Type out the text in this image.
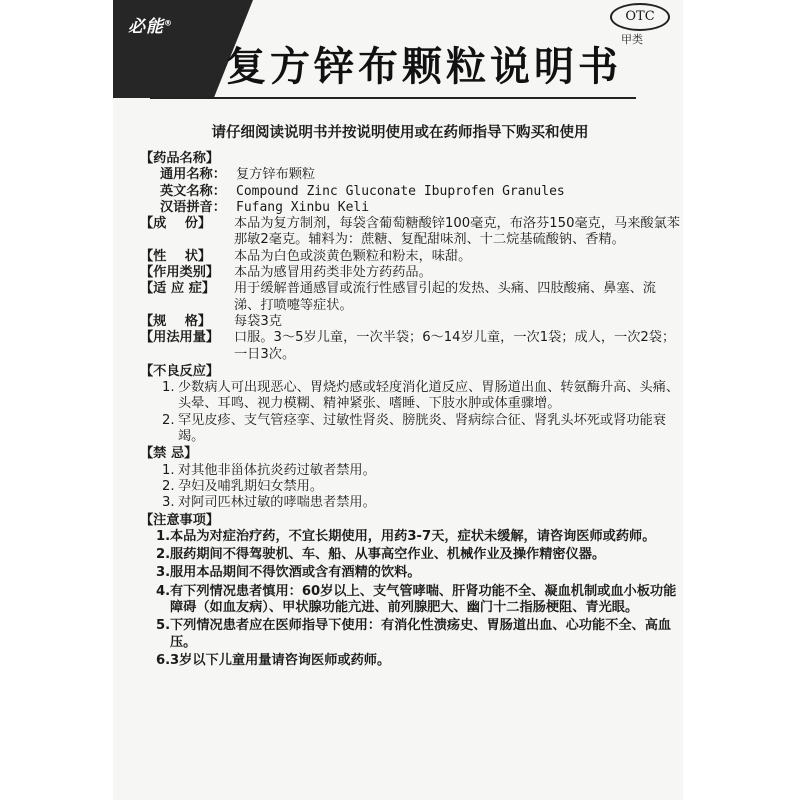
必能®
复方锌布颗粒说明书
OTC
甲类
请仔细阅读说明书并按说明使用或在药师指导下购买和使用
【药品名称】
通用名称： 复方锌布颗粒
英文名称： Compound Zinc Gluconate Ibuprofen Granules
汉语拼音： Fufang Xinbu Keli
【成    份】	本品为复方制剂，每袋含葡萄糖酸锌100毫克，布洛芬150毫克，马来酸氯苯那敏2毫克。辅料为：蔗糖、复配甜味剂、十二烷基硫酸钠、香精。
【性    状】	本品为白色或淡黄色颗粒和粉末，味甜。
【作用类别】	本品为感冒用药类非处方药药品。
【适 应 症】	用于缓解普通感冒或流行性感冒引起的发热、头痛、四肢酸痛、鼻塞、流涕、打喷嚏等症状。
【规    格】	每袋3克
【用法用量】	口服。3～5岁儿童，一次半袋；6～14岁儿童，一次1袋；成人，一次2袋；一日3次。
【不良反应】
1. 少数病人可出现恶心、胃烧灼感或轻度消化道反应、胃肠道出血、转氨酶升高、头痛、头晕、耳鸣、视力模糊、精神紧张、嗜睡、下肢水肿或体重骤增。
2. 罕见皮疹、支气管痉挛、过敏性肾炎、膀胱炎、肾病综合征、肾乳头坏死或肾功能衰竭。
【禁 忌】
1. 对其他非甾体抗炎药过敏者禁用。
2. 孕妇及哺乳期妇女禁用。
3. 对阿司匹林过敏的哮喘患者禁用。
【注意事项】
1. 本品为对症治疗药，不宜长期使用，用药3-7天，症状未缓解，请咨询医师或药师。
2. 服药期间不得驾驶机、车、船、从事高空作业、机械作业及操作精密仪器。
3. 服用本品期间不得饮酒或含有酒精的饮料。
4. 有下列情况患者慎用：60岁以上、支气管哮喘、肝肾功能不全、凝血机制或血小板功能障碍（如血友病）、甲状腺功能亢进、前列腺肥大、幽门十二指肠梗阻、青光眼。
5. 下列情况患者应在医师指导下使用：有消化性溃疡史、胃肠道出血、心功能不全、高血压。
6. 3岁以下儿童用量请咨询医师或药师。
